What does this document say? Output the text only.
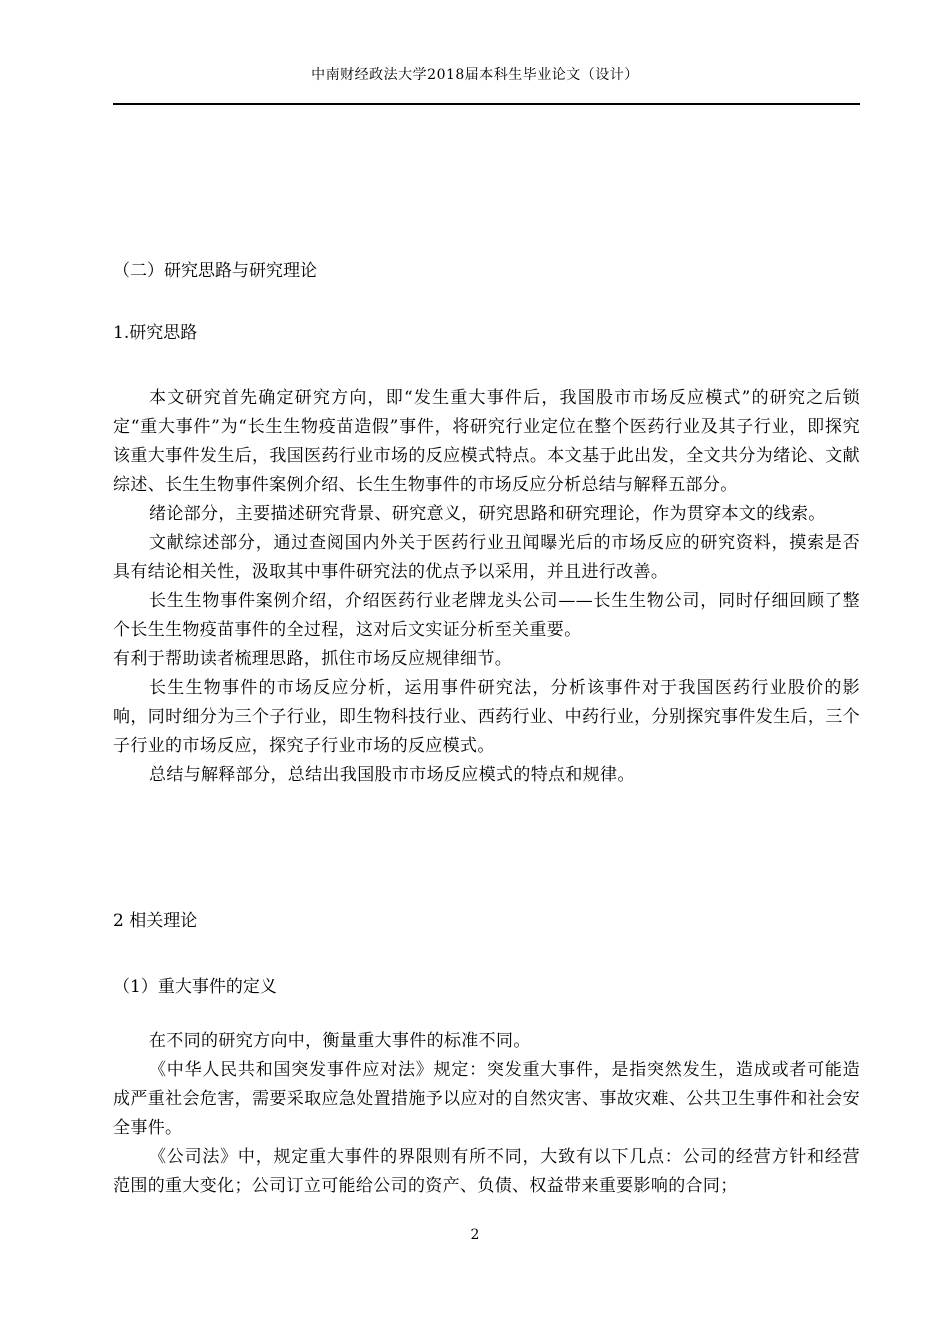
中南财经政法大学2018届本科生毕业论文（设计）
（二）研究思路与研究理论
1.研究思路

本文研究首先确定研究方向，即“发生重大事件后，我国股市市场反应模式”的研究之后锁定“重大事件”为“长生生物疫苗造假”事件，将研究行业定位在整个医药行业及其子行业，即探究该重大事件发生后，我国医药行业市场的反应模式特点。本文基于此出发，全文共分为绪论、文献综述、长生生物事件案例介绍、长生生物事件的市场反应分析总结与解释五部分。

绪论部分，主要描述研究背景、研究意义，研究思路和研究理论，作为贯穿本文的线索。

文献综述部分，通过查阅国内外关于医药行业丑闻曝光后的市场反应的研究资料，摸索是否具有结论相关性，汲取其中事件研究法的优点予以采用，并且进行改善。

长生生物事件案例介绍，介绍医药行业老牌龙头公司——长生生物公司，同时仔细回顾了整个长生生物疫苗事件的全过程，这对后文实证分析至关重要。

有利于帮助读者梳理思路，抓住市场反应规律细节。

长生生物事件的市场反应分析，运用事件研究法，分析该事件对于我国医药行业股价的影响，同时细分为三个子行业，即生物科技行业、西药行业、中药行业，分别探究事件发生后，三个子行业的市场反应，探究子行业市场的反应模式。

总结与解释部分，总结出我国股市市场反应模式的特点和规律。

2 相关理论
（1）重大事件的定义

在不同的研究方向中，衡量重大事件的标准不同。

《中华人民共和国突发事件应对法》规定：突发重大事件，是指突然发生，造成或者可能造成严重社会危害，需要采取应急处置措施予以应对的自然灾害、事故灾难、公共卫生事件和社会安全事件。

《公司法》中，规定重大事件的界限则有所不同，大致有以下几点：公司的经营方针和经营范围的重大变化；公司订立可能给公司的资产、负债、权益带来重要影响的合同；

2
